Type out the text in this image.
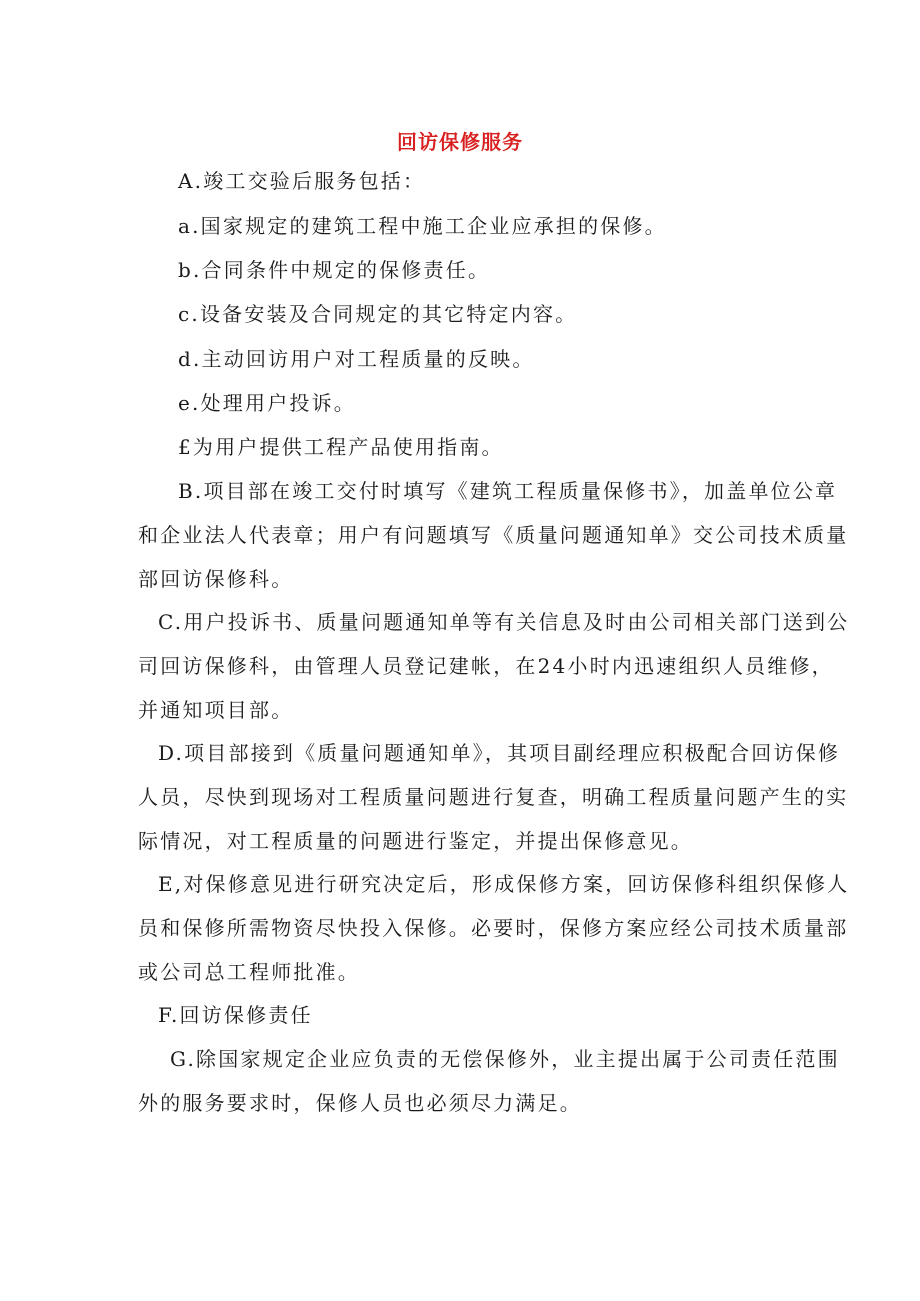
回访保修服务
A.竣工交验后服务包括：
a.国家规定的建筑工程中施工企业应承担的保修。
b.合同条件中规定的保修责任。
c.设备安装及合同规定的其它特定内容。
d.主动回访用户对工程质量的反映。
e.处理用户投诉。
£为用户提供工程产品使用指南。
B.项目部在竣工交付时填写《建筑工程质量保修书》，加盖单位公章
和企业法人代表章；用户有问题填写《质量问题通知单》交公司技术质量
部回访保修科。
C.用户投诉书、质量问题通知单等有关信息及时由公司相关部门送到公
司回访保修科，由管理人员登记建帐，在24小时内迅速组织人员维修，
并通知项目部。
D.项目部接到《质量问题通知单》，其项目副经理应积极配合回访保修
人员，尽快到现场对工程质量问题进行复查，明确工程质量问题产生的实
际情况，对工程质量的问题进行鉴定，并提出保修意见。
E,对保修意见进行研究决定后，形成保修方案，回访保修科组织保修人
员和保修所需物资尽快投入保修。必要时，保修方案应经公司技术质量部
或公司总工程师批准。
F.回访保修责任
G.除国家规定企业应负责的无偿保修外，业主提出属于公司责任范围
外的服务要求时，保修人员也必须尽力满足。
